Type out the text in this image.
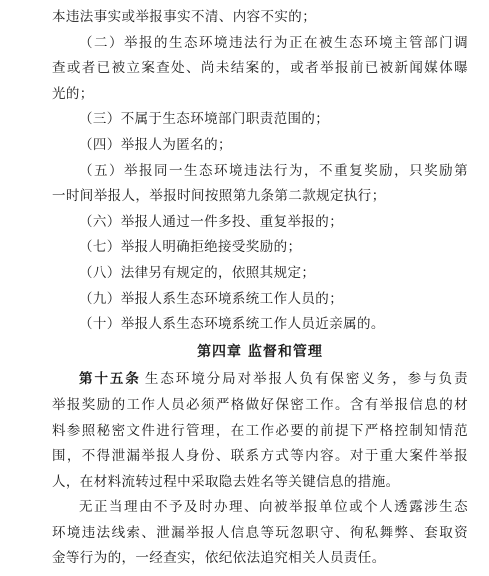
本违法事实或举报事实不清、内容不实的；
（二）举报的生态环境违法行为正在被生态环境主管部门调
查或者已被立案查处、尚未结案的，或者举报前已被新闻媒体曝
光的；
（三）不属于生态环境部门职责范围的；
（四）举报人为匿名的；
（五）举报同一生态环境违法行为，不重复奖励，只奖励第
一时间举报人，举报时间按照第九条第二款规定执行；
（六）举报人通过一件多投、重复举报的；
（七）举报人明确拒绝接受奖励的；
（八）法律另有规定的，依照其规定；
（九）举报人系生态环境系统工作人员的；
（十）举报人系生态环境系统工作人员近亲属的。
第四章 监督和管理
第十五条 生态环境分局对举报人负有保密义务，参与负责
举报奖励的工作人员必须严格做好保密工作。含有举报信息的材
料参照秘密文件进行管理，在工作必要的前提下严格控制知情范
围，不得泄漏举报人身份、联系方式等内容。对于重大案件举报
人，在材料流转过程中采取隐去姓名等关键信息的措施。
无正当理由不予及时办理、向被举报单位或个人透露涉生态
环境违法线索、泄漏举报人信息等玩忽职守、徇私舞弊、套取资
金等行为的，一经查实，依纪依法追究相关人员责任。
